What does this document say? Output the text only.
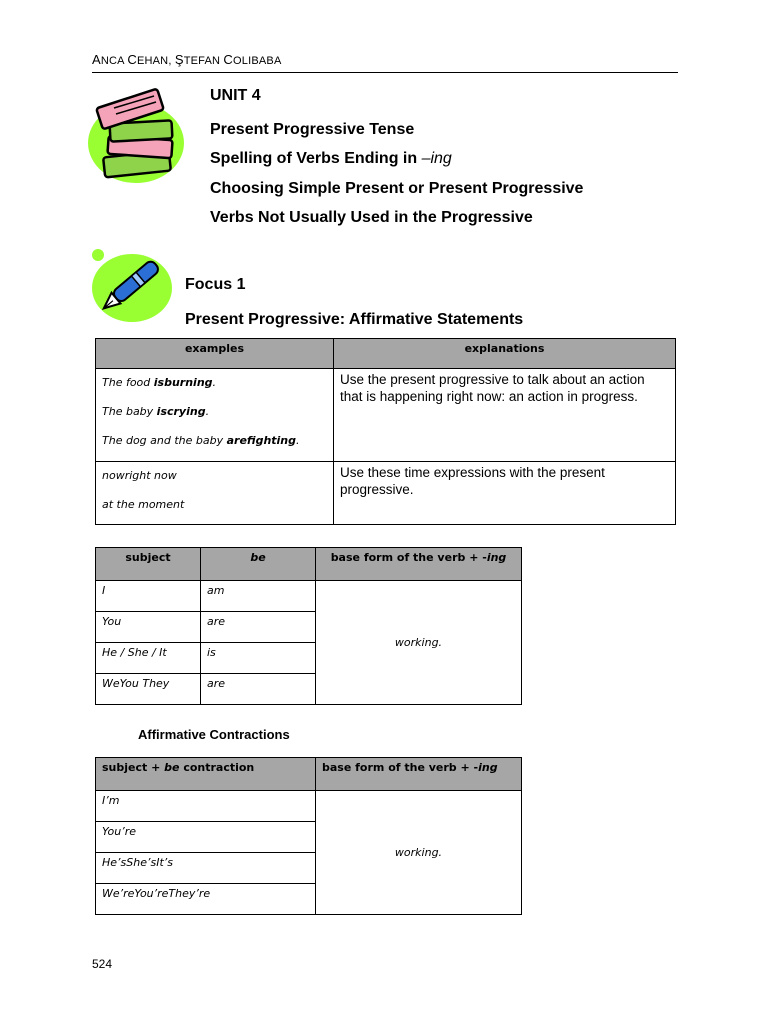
ANCA CEHAN, ŞTEFAN COLIBABA
UNIT 4
Present Progressive Tense
Spelling of Verbs Ending in –ing
Choosing Simple Present or Present Progressive
Verbs Not Usually Used in the Progressive
Focus 1
Present Progressive: Affirmative Statements
examples	explanations

The food isburning.
The baby iscrying.
The dog and the baby arefighting.	Use the present progressive to talk about an action that is happening right now: an action in progress.

nowright now
at the moment	Use these time expressions with the present progressive.
subject	be	base form of the verb + -ing
I	am	working.
You	are	
He / She / It	is	
WeYou They	are	
Affirmative Contractions
subject + be contraction	base form of the verb + -ing
I’m	working.
You’re	
He’sShe’sIt’s	
We’reYou’reThey’re	
524
